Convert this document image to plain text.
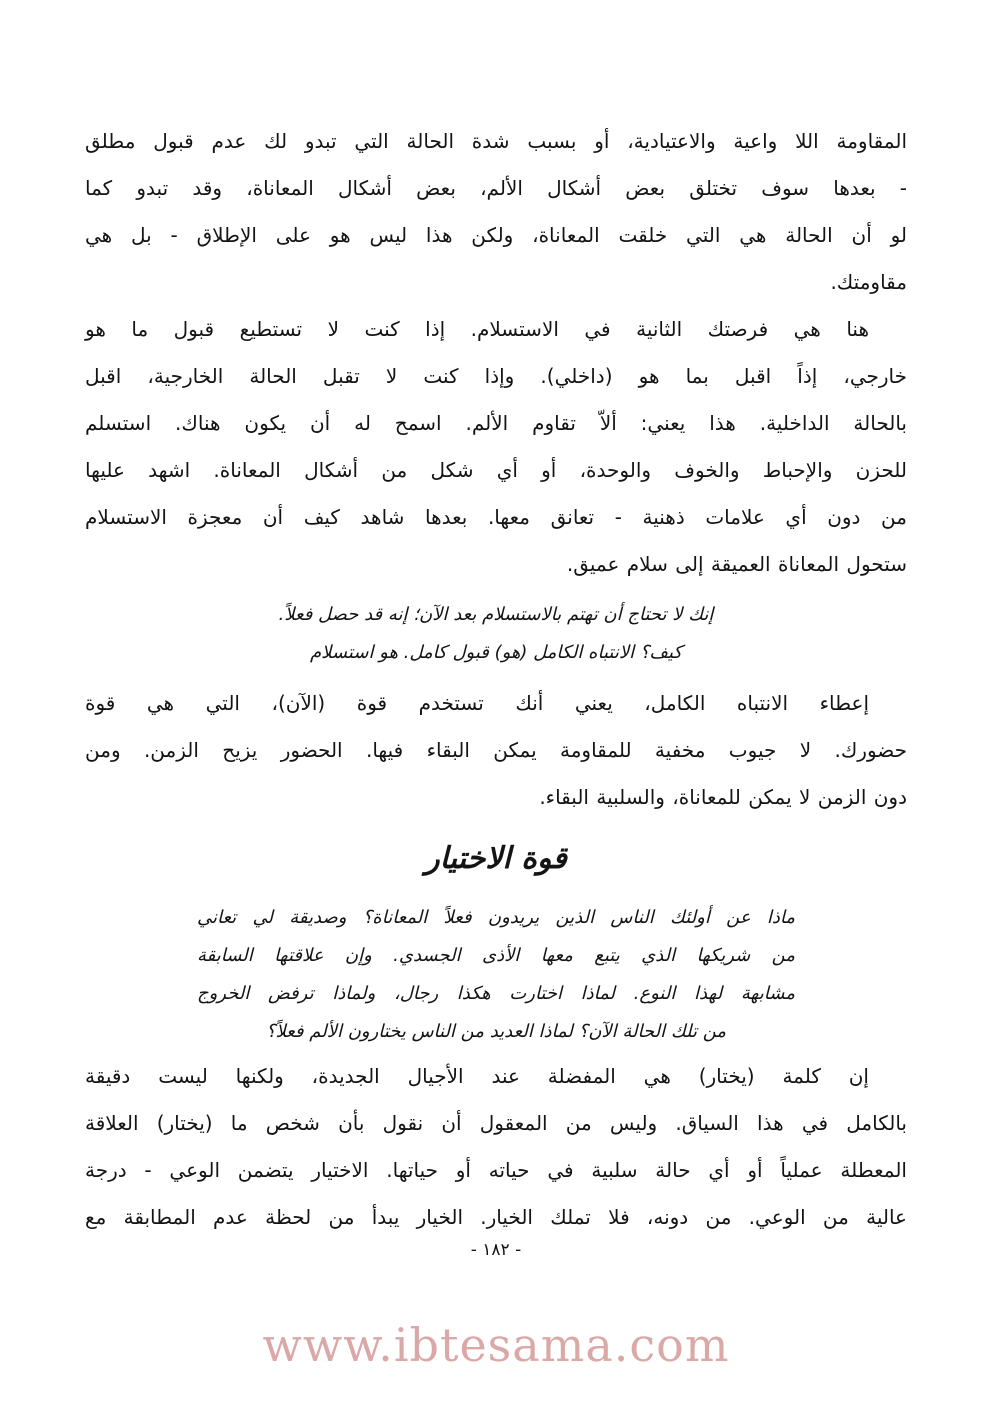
المقاومة اللا واعية والاعتيادية، أو بسبب شدة الحالة التي تبدو لك عدم قبول مطلق
- بعدها سوف تختلق بعض أشكال الألم، بعض أشكال المعاناة، وقد تبدو كما
لو أن الحالة هي التي خلقت المعاناة، ولكن هذا ليس هو على الإطلاق - بل هي
مقاومتك.
هنا هي فرصتك الثانية في الاستسلام. إذا كنت لا تستطيع قبول ما هو
خارجي، إذاً اقبل بما هو (داخلي). وإذا كنت لا تقبل الحالة الخارجية، اقبل
بالحالة الداخلية. هذا يعني: ألاّ تقاوم الألم. اسمح له أن يكون هناك. استسلم
للحزن والإحباط والخوف والوحدة، أو أي شكل من أشكال المعاناة. اشهد عليها
من دون أي علامات ذهنية - تعانق معها. بعدها شاهد كيف أن معجزة الاستسلام
ستحول المعاناة العميقة إلى سلام عميق.
إنك لا تحتاج أن تهتم بالاستسلام بعد الآن؛ إنه قد حصل فعلاً.
كيف؟ الانتباه الكامل (هو) قبول كامل. هو استسلام
إعطاء الانتباه الكامل، يعني أنك تستخدم قوة (الآن)، التي هي قوة
حضورك. لا جيوب مخفية للمقاومة يمكن البقاء فيها. الحضور يزيح الزمن. ومن
دون الزمن لا يمكن للمعاناة، والسلبية البقاء.
قوة الاختيار
ماذا عن أولئك الناس الذين يريدون فعلاً المعاناة؟ وصديقة لي تعاني
من شريكها الذي يتبع معها الأذى الجسدي. وإن علاقتها السابقة
مشابهة لهذا النوع. لماذا اختارت هكذا رجال، ولماذا ترفض الخروج
من تلك الحالة الآن؟ لماذا العديد من الناس يختارون الألم فعلاً؟
إن كلمة (يختار) هي المفضلة عند الأجيال الجديدة، ولكنها ليست دقيقة
بالكامل في هذا السياق. وليس من المعقول أن نقول بأن شخص ما (يختار) العلاقة
المعطلة عملياً أو أي حالة سلبية في حياته أو حياتها. الاختيار يتضمن الوعي - درجة
عالية من الوعي. من دونه، فلا تملك الخيار. الخيار يبدأ من لحظة عدم المطابقة مع
- ١٨٢ -
www.ibtesama.com
